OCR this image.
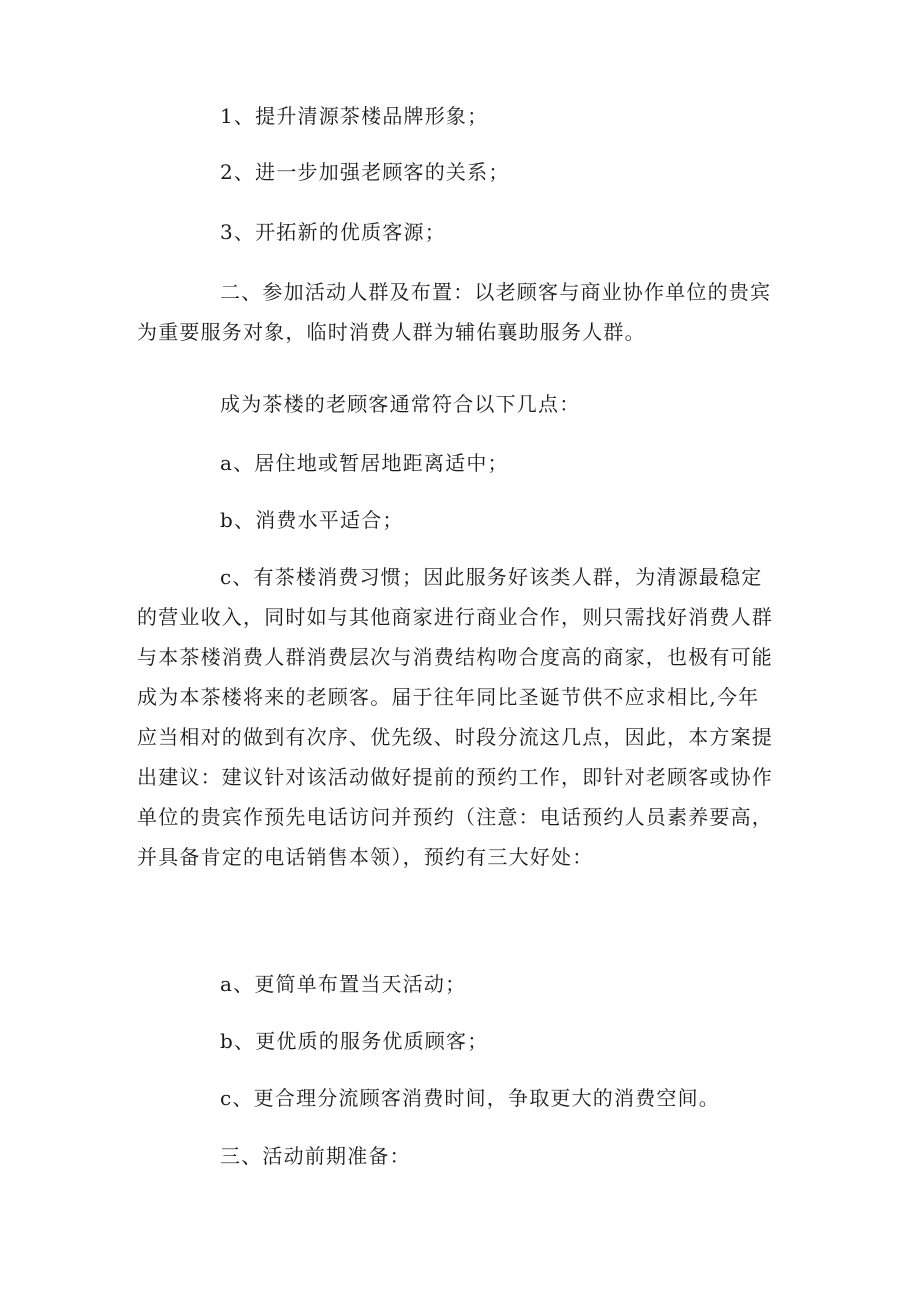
1、提升清源茶楼品牌形象；

2、进一步加强老顾客的关系；

3、开拓新的优质客源；

二、参加活动人群及布置：以老顾客与商业协作单位的贵宾
为重要服务对象，临时消费人群为辅佑襄助服务人群。

成为茶楼的老顾客通常符合以下几点：

a、居住地或暂居地距离适中；

b、消费水平适合；

c、有茶楼消费习惯；因此服务好该类人群，为清源最稳定
的营业收入，同时如与其他商家进行商业合作，则只需找好消费人群
与本茶楼消费人群消费层次与消费结构吻合度高的商家，也极有可能
成为本茶楼将来的老顾客。届于往年同比圣诞节供不应求相比,今年
应当相对的做到有次序、优先级、时段分流这几点，因此，本方案提
出建议：建议针对该活动做好提前的预约工作，即针对老顾客或协作
单位的贵宾作预先电话访问并预约（注意：电话预约人员素养要高，
并具备肯定的电话销售本领），预约有三大好处：

a、更简单布置当天活动；

b、更优质的服务优质顾客；

c、更合理分流顾客消费时间，争取更大的消费空间。

三、活动前期准备：
